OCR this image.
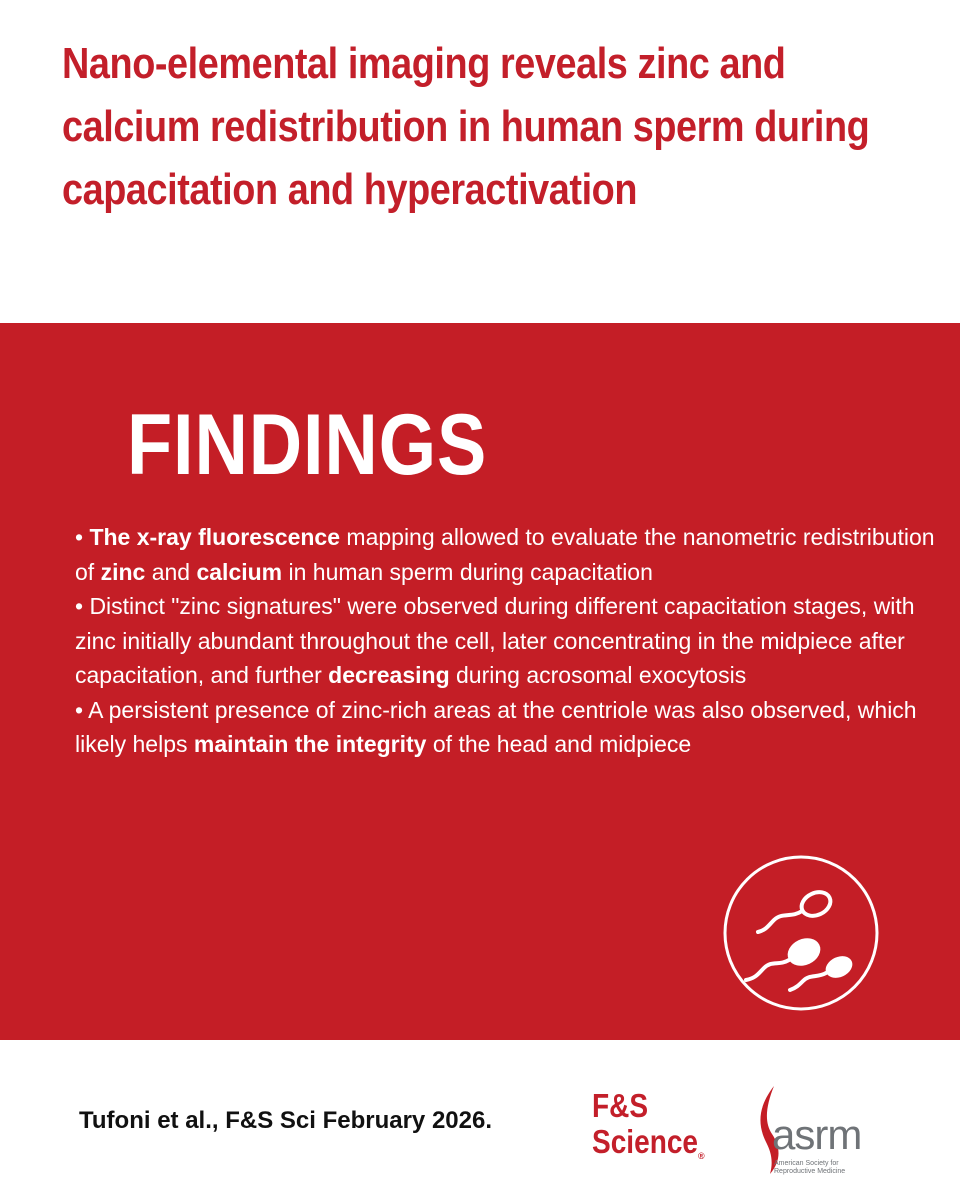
Nano-elemental imaging reveals zinc and calcium redistribution in human sperm during capacitation and hyperactivation
FINDINGS
• The x-ray fluorescence mapping allowed to evaluate the nanometric redistribution of zinc and calcium in human sperm during capacitation
• Distinct "zinc signatures" were observed during different capacitation stages, with zinc initially abundant throughout the cell, later concentrating in the midpiece after capacitation, and further decreasing during acrosomal exocytosis
• A persistent presence of zinc-rich areas at the centriole was also observed, which likely helps maintain the integrity of the head and midpiece

Tufoni et al., F&S Sci February 2026.	F&S
Science ® asrm
American Society for Reproductive Medicine
